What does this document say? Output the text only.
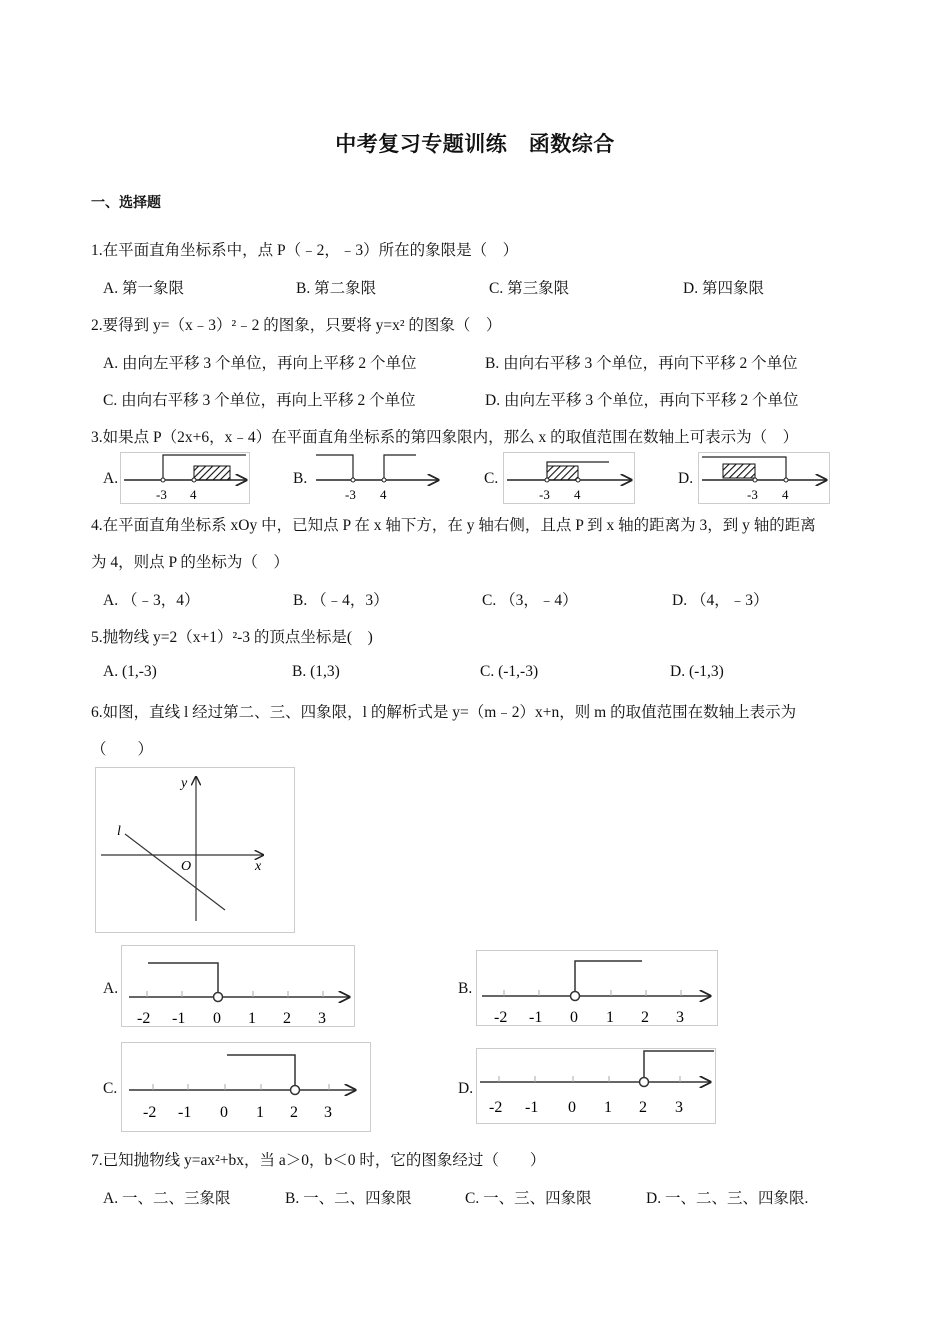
中考复习专题训练　函数综合
一、选择题
1.在平面直角坐标系中，点 P（﹣2，﹣3）所在的象限是（　）
A. 第一象限	B. 第二象限	C. 第三象限	D. 第四象限
2.要得到 y=（x﹣3）²﹣2 的图象，只要将 y=x² 的图象（　）
A. 由向左平移 3 个单位，再向上平移 2 个单位	B. 由向右平移 3 个单位，再向下平移 2 个单位
C. 由向右平移 3 个单位，再向上平移 2 个单位	D. 由向左平移 3 个单位，再向下平移 2 个单位
3.如果点 P（2x+6，x﹣4）在平面直角坐标系的第四象限内，那么 x 的取值范围在数轴上可表示为（　）
A.
-3 4
B.
-3 4
C.
-3 4
D.
-3 4
4.在平面直角坐标系 xOy 中，已知点 P 在 x 轴下方，在 y 轴右侧，且点 P 到 x 轴的距离为 3，到 y 轴的距离
为 4，则点 P 的坐标为（　）
A. （﹣3，4）	B. （﹣4，3）	C. （3，﹣4）	D. （4，﹣3）
5.抛物线 y=2（x+1）²-3 的顶点坐标是(　)
A. (1,-3)	B. (1,3)	C. (-1,-3)	D. (-1,3)
6.如图，直线 l 经过第二、三、四象限，l 的解析式是 y=（m﹣2）x+n，则 m 的取值范围在数轴上表示为
（　　）
y
x
O
l
A.
-2 -1 0 1 2 3
B.
-2 -1 0 1 2 3
C.
-2 -1 0 1 2 3
D.
-2 -1 0 1 2 3
7.已知抛物线 y=ax²+bx，当 a＞0，b＜0 时，它的图象经过（　　）
A. 一、二、三象限	B. 一、二、四象限	C. 一、三、四象限	D. 一、二、三、四象限.
